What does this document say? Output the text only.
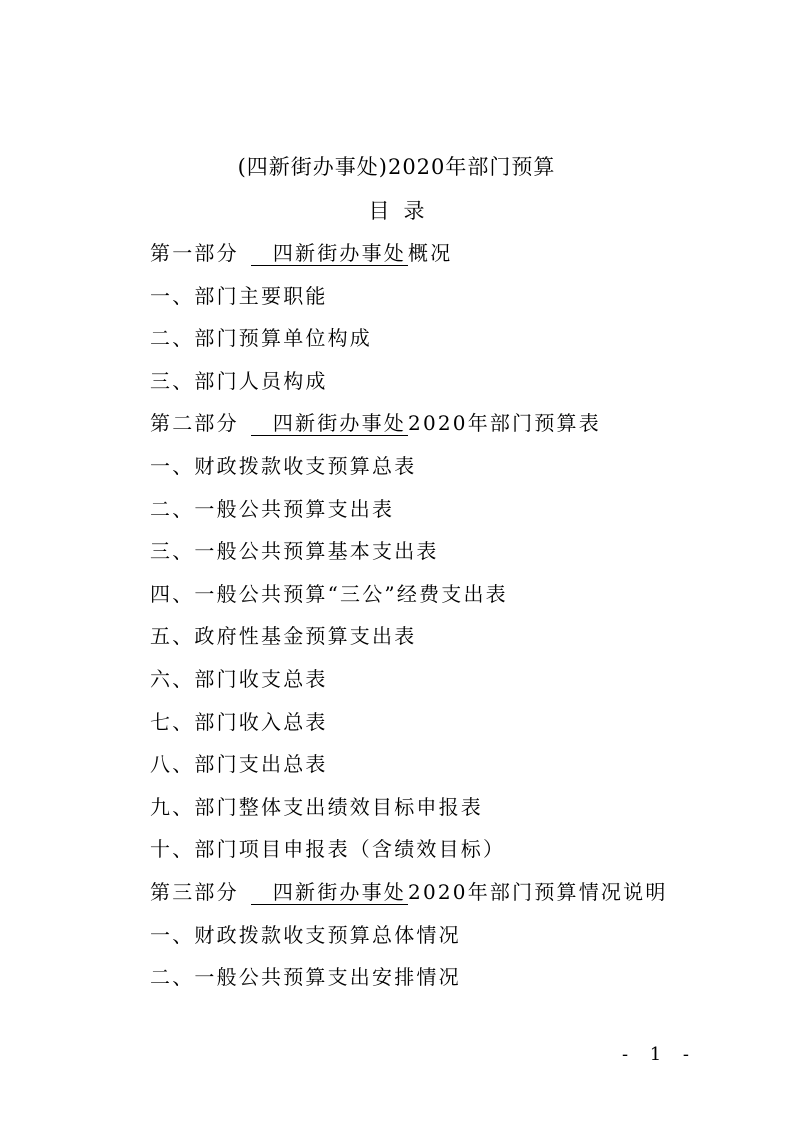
(四新街办事处)2020年部门预算
目录
第一部分 四新街办事处 概况
一、部门主要职能
二、部门预算单位构成
三、部门人员构成
第二部分 四新街办事处 2020年部门预算表
一、财政拨款收支预算总表
二、一般公共预算支出表
三、一般公共预算基本支出表
四、一般公共预算“三公”经费支出表
五、政府性基金预算支出表
六、部门收支总表
七、部门收入总表
八、部门支出总表
九、部门整体支出绩效目标申报表
十、部门项目申报表（含绩效目标）
第三部分 四新街办事处 2020年部门预算情况说明
一、财政拨款收支预算总体情况
二、一般公共预算支出安排情况
- 1 -
